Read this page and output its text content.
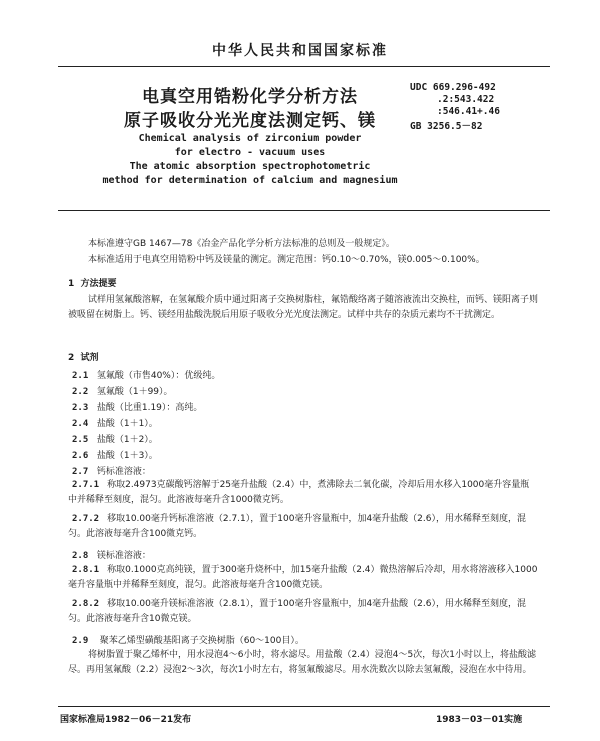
中华人民共和国国家标准
电真空用锆粉化学分析方法
原子吸收分光光度法测定钙、镁
UDC 669.296-492
.2:543.422
:546.41+.46
GB 3256.5－82
Chemical analysis of zirconium powder
for electro - vacuum uses
The atomic absorption spectrophotometric
method for determination of calcium and magnesium
本标准遵守GB 1467—78《冶金产品化学分析方法标准的总则及一般规定》。
本标准适用于电真空用锆粉中钙及镁量的测定。测定范围：钙0.10～0.70%，镁0.005～0.100%。
1 方法提要
试样用氢氟酸溶解，在氢氟酸介质中通过阳离子交换树脂柱，氟锆酸络离子随溶液流出交换柱，而钙、镁阳离子则被吸留在树脂上。钙、镁经用盐酸洗脱后用原子吸收分光光度法测定。试样中共存的杂质元素均不干扰测定。
2 试剂
2.1 氢氟酸（市售40%）：优级纯。
2.2 氢氟酸（1＋99）。
2.3 盐酸（比重1.19）：高纯。
2.4 盐酸（1＋1）。
2.5 盐酸（1＋2）。
2.6 盐酸（1＋3）。
2.7 钙标准溶液：
2.7.1 称取2.4973克碳酸钙溶解于25毫升盐酸（2.4）中，煮沸除去二氧化碳，冷却后用水移入1000毫升容量瓶中并稀释至刻度，混匀。此溶液每毫升含1000微克钙。
2.7.2 移取10.00毫升钙标准溶液（2.7.1），置于100毫升容量瓶中，加4毫升盐酸（2.6），用水稀释至刻度，混匀。此溶液每毫升含100微克钙。
2.8 镁标准溶液：
2.8.1 称取0.1000克高纯镁，置于300毫升烧杯中，加15毫升盐酸（2.4）微热溶解后冷却，用水将溶液移入1000毫升容量瓶中并稀释至刻度，混匀。此溶液每毫升含100微克镁。
2.8.2 移取10.00毫升镁标准溶液（2.8.1），置于100毫升容量瓶中，加4毫升盐酸（2.6），用水稀释至刻度，混匀。此溶液每毫升含10微克镁。
2.9 聚苯乙烯型磺酸基阳离子交换树脂（60～100目）。
将树脂置于聚乙烯杯中，用水浸泡4～6小时，将水滤尽。用盐酸（2.4）浸泡4～5次，每次1小时以上，将盐酸滤尽。再用氢氟酸（2.2）浸泡2～3次，每次1小时左右，将氢氟酸滤尽。用水洗数次以除去氢氟酸，浸泡在水中待用。
国家标准局1982－06－21发布	1983－03－01实施
